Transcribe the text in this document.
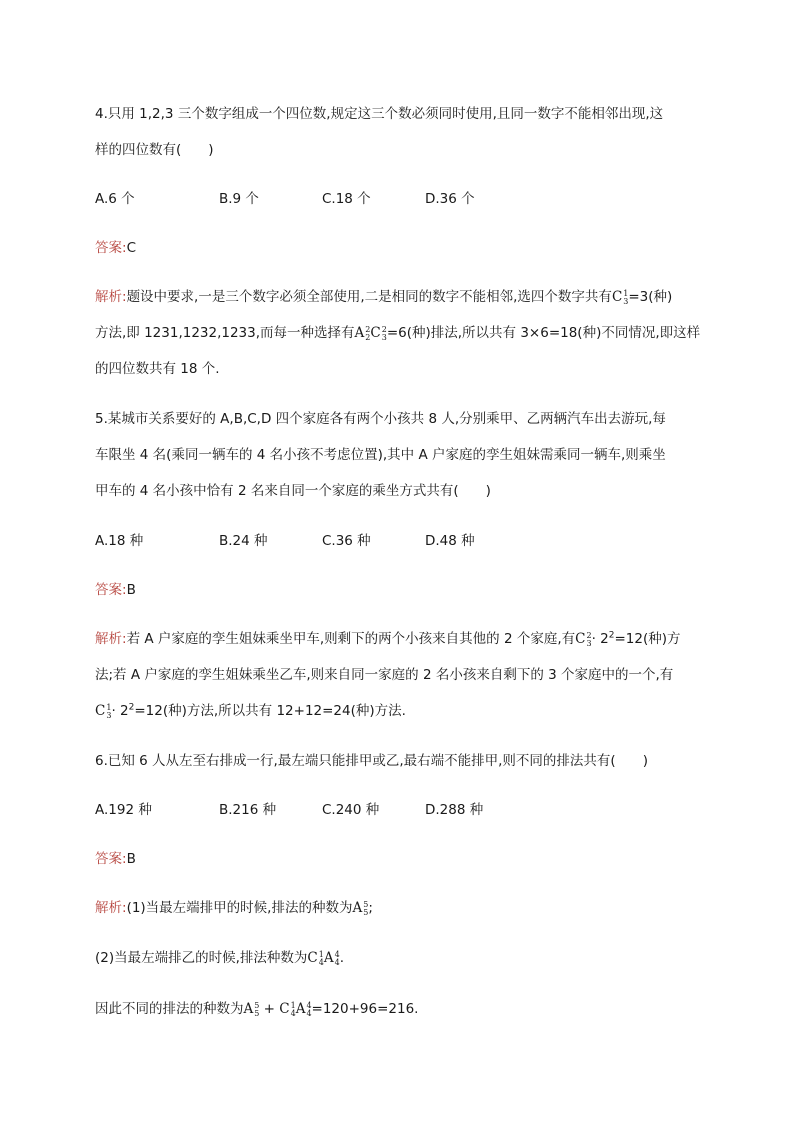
4.只用 1,2,3 三个数字组成一个四位数,规定这三个数必须同时使用,且同一数字不能相邻出现,这
样的四位数有(　　)
A.6 个	B.9 个	C.18 个	D.36 个
答案:C
解析:题设中要求,一是三个数字必须全部使用,二是相同的数字不能相邻,选四个数字共有C 1
3 =3(种)
方法,即 1231,1232,1233,而每一种选择有A 2
2 C 2
3 =6(种)排法,所以共有 3×6=18(种)不同情况,即这样
的四位数共有 18 个.
5.某城市关系要好的 A,B,C,D 四个家庭各有两个小孩共 8 人,分别乘甲、乙两辆汽车出去游玩,每
车限坐 4 名(乘同一辆车的 4 名小孩不考虑位置),其中 A 户家庭的孪生姐妹需乘同一辆车,则乘坐
甲车的 4 名小孩中恰有 2 名来自同一个家庭的乘坐方式共有(　　)
A.18 种	B.24 种	C.36 种	D.48 种
答案:B
解析:若 A 户家庭的孪生姐妹乘坐甲车,则剩下的两个小孩来自其他的 2 个家庭,有C 2
$3 \cdot 2^2=12$(种)方
法;若 A 户家庭的孪生姐妹乘坐乙车,则来自同一家庭的 2 名小孩来自剩下的 3 个家庭中的一个,有
C 1
$3 \cdot 2^2=12$(种)方法,所以共有 12+12=24(种)方法.
6.已知 6 人从左至右排成一行,最左端只能排甲或乙,最右端不能排甲,则不同的排法共有(　　)
A.192 种	B.216 种	C.240 种	D.288 种
答案:B
解析:(1)当最左端排甲的时候,排法的种数为A 5
5 ;
(2)当最左端排乙的时候,排法种数为C 1
4 A 4
4 .
因此不同的排法的种数为A 5
5 + C 1
4 A 4
4 =120+96=216.
